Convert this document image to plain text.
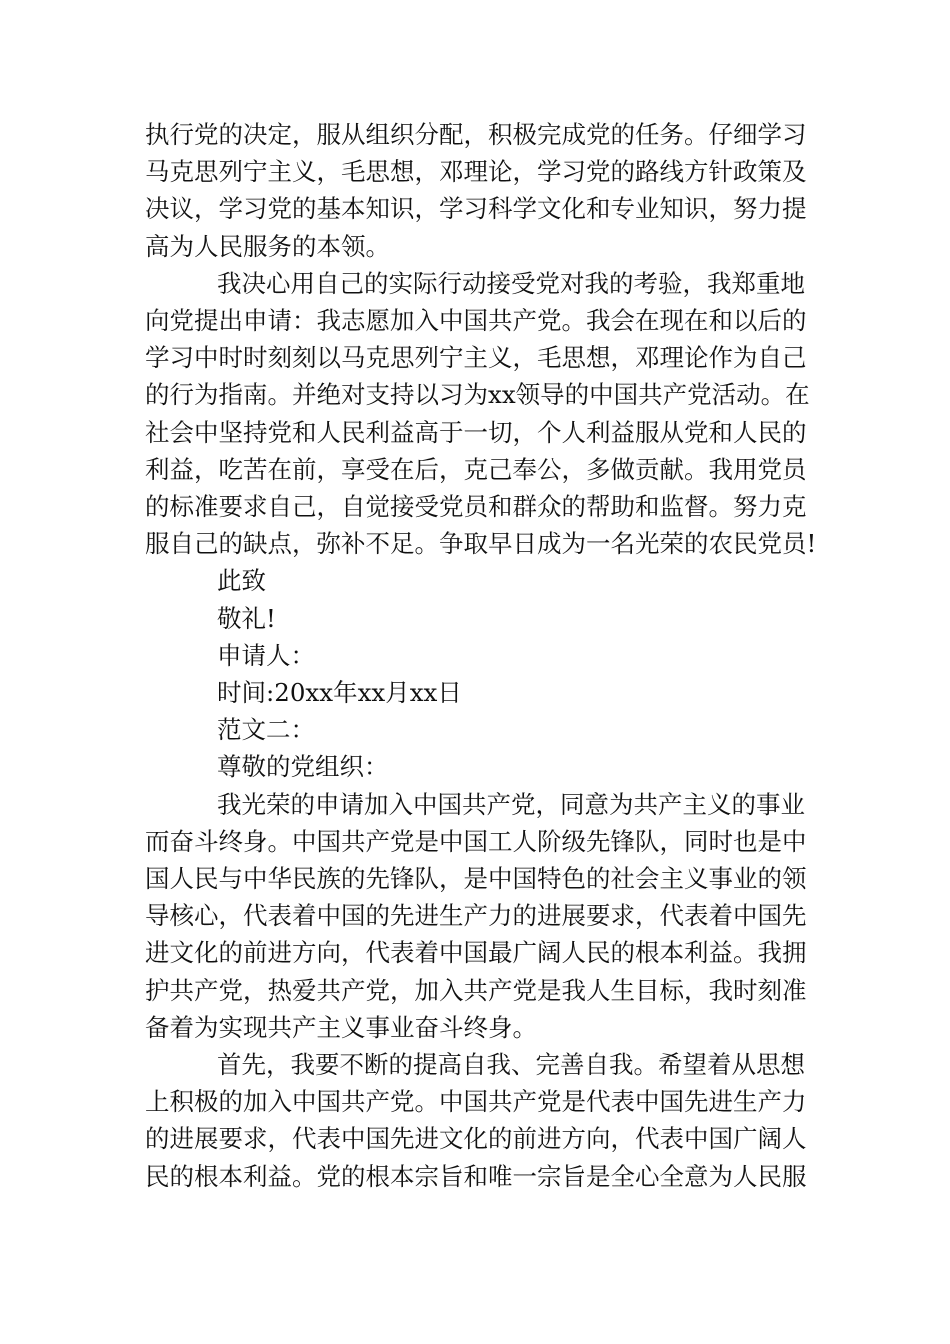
执行党的决定，服从组织分配，积极完成党的任务。仔细学习

马克思列宁主义，毛思想，邓理论，学习党的路线方针政策及

决议，学习党的基本知识，学习科学文化和专业知识，努力提

高为人民服务的本领。

我决心用自己的实际行动接受党对我的考验，我郑重地

向党提出申请：我志愿加入中国共产党。我会在现在和以后的

学习中时时刻刻以马克思列宁主义，毛思想，邓理论作为自己

的行为指南。并绝对支持以习为xx领导的中国共产党活动。在

社会中坚持党和人民利益高于一切，个人利益服从党和人民的

利益，吃苦在前，享受在后，克己奉公，多做贡献。我用党员

的标准要求自己，自觉接受党员和群众的帮助和监督。努力克

服自己的缺点，弥补不足。争取早日成为一名光荣的农民党员!

此致

敬礼!

申请人：

时间:20xx年xx月xx日

范文二：

尊敬的党组织：

我光荣的申请加入中国共产党，同意为共产主义的事业

而奋斗终身。中国共产党是中国工人阶级先锋队，同时也是中

国人民与中华民族的先锋队，是中国特色的社会主义事业的领

导核心，代表着中国的先进生产力的进展要求，代表着中国先

进文化的前进方向，代表着中国最广阔人民的根本利益。我拥

护共产党，热爱共产党，加入共产党是我人生目标，我时刻准

备着为实现共产主义事业奋斗终身。

首先，我要不断的提高自我、完善自我。希望着从思想

上积极的加入中国共产党。中国共产党是代表中国先进生产力

的进展要求，代表中国先进文化的前进方向，代表中国广阔人

民的根本利益。党的根本宗旨和唯一宗旨是全心全意为人民服
